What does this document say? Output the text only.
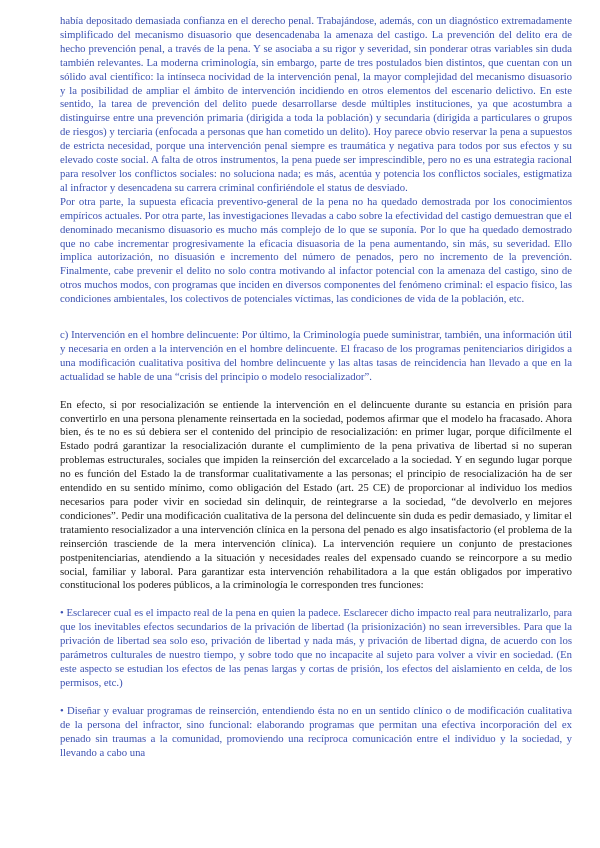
había depositado demasiada confianza en el derecho penal. Trabajándose, además, con un diagnóstico extremadamente simplificado del mecanismo disuasorio que desencadenaba la amenaza del castigo. La prevención del delito era de hecho prevención penal, a través de la pena. Y se asociaba a su rigor y severidad, sin ponderar otras variables sin duda también relevantes. La moderna criminología, sin embargo, parte de tres postulados bien distintos, que cuentan con un sólido aval científico: la intínseca nocividad de la intervención penal, la mayor complejidad del mecanismo disuasorio y la posibilidad de ampliar el ámbito de intervención incidiendo en otros elementos del escenario delictivo. En este sentido, la tarea de prevención del delito puede desarrollarse desde múltiples instituciones, ya que acostumbra a distinguirse entre una prevención primaria (dirigida a toda la población) y secundaria (dirigida a particulares o grupos de riesgos) y terciaria (enfocada a personas que han cometido un delito). Hoy parece obvio reservar la pena a supuestos de estricta necesidad, porque una intervención penal siempre es traumática y negativa para todos por sus efectos y su elevado coste social. A falta de otros instrumentos, la pena puede ser imprescindible, pero no es una estrategia racional para resolver los conflictos sociales: no soluciona nada; es más, acentúa y potencia los conflictos sociales, estigmatiza al infractor y desencadena su carrera criminal confiriéndole el status de desviado.

Por otra parte, la supuesta eficacia preventivo-general de la pena no ha quedado demostrada por los conocimientos empíricos actuales. Por otra parte, las investigaciones llevadas a cabo sobre la efectividad del castigo demuestran que el denominado mecanismo disuasorio es mucho más complejo de lo que se suponía. Por lo que ha quedado demostrado que no cabe incrementar progresivamente la eficacia disuasoria de la pena aumentando, sin más, su severidad. Ello implica autorización, no disuasión e incremento del número de penados, pero no incremento de la prevención. Finalmente, cabe prevenir el delito no solo contra motivando al infactor potencial con la amenaza del castigo, sino de otros muchos modos, con programas que inciden en diversos componentes del fenómeno criminal: el espacio físico, las condiciones ambientales, los colectivos de potenciales víctimas, las condiciones de vida de la población, etc.

c) Intervención en el hombre delincuente: Por último, la Criminología puede suministrar, también, una información útil y necesaria en orden a la intervención en el hombre delincuente. El fracaso de los programas penitenciarios dirigidos a una modificación cualitativa positiva del hombre delincuente y las altas tasas de reincidencia han llevado a que en la actualidad se hable de una “crisis del principio o modelo resocializador”.

En efecto, si por resocialización se entiende la intervención en el delincuente durante su estancia en prisión para convertirlo en una persona plenamente reinsertada en la sociedad, podemos afirmar que el modelo ha fracasado. Ahora bien, és te no es sú debiera ser el contenido del principio de resocialización: en primer lugar, porque difícilmente el Estado podrá garantizar la resocialización durante el cumplimiento de la pena privativa de libertad si no superan problemas estructurales, sociales que impiden la reinserción del excarcelado a la sociedad. Y en segundo lugar porque no es función del Estado la de transformar cualitativamente a las personas; el principio de resocialización ha de ser entendido en su sentido mínimo, como obligación del Estado (art. 25 CE) de proporcionar al individuo los medios necesarios para poder vivir en sociedad sin delinquir, de reintegrarse a la sociedad, “de devolverlo en mejores condiciones”. Pedir una modificación cualitativa de la persona del delincuente sin duda es pedir demasiado, y limitar el tratamiento resocializador a una intervención clínica en la persona del penado es algo insatisfactorio (el problema de la reinserción trasciende de la mera intervención clínica). La intervención requiere un conjunto de prestaciones postpenitenciarias, atendiendo a la situación y necesidades reales del expensado cuando se reincorpore a su medio social, familiar y laboral. Para garantizar esta intervención rehabilitadora a la que están obligados por imperativo constitucional los poderes públicos, a la criminología le corresponden tres funciones:

• Esclarecer cual es el impacto real de la pena en quien la padece. Esclarecer dicho impacto real para neutralizarlo, para que los inevitables efectos secundarios de la privación de libertad (la prisionización) no sean irreversibles. Para que la privación de libertad sea solo eso, privación de libertad y nada más, y privación de libertad digna, de acuerdo con los parámetros culturales de nuestro tiempo, y sobre todo que no incapacite al sujeto para volver a vivir en sociedad. (En este aspecto se estudian los efectos de las penas largas y cortas de prisión, los efectos del aislamiento en celda, de los permisos, etc.)

• Diseñar y evaluar programas de reinserción, entendiendo ésta no en un sentido clínico o de modificación cualitativa de la persona del infractor, sino funcional: elaborando programas que permitan una efectiva incorporación del ex penado sin traumas a la comunidad, promoviendo una recíproca comunicación entre el individuo y la sociedad, y llevando a cabo una
